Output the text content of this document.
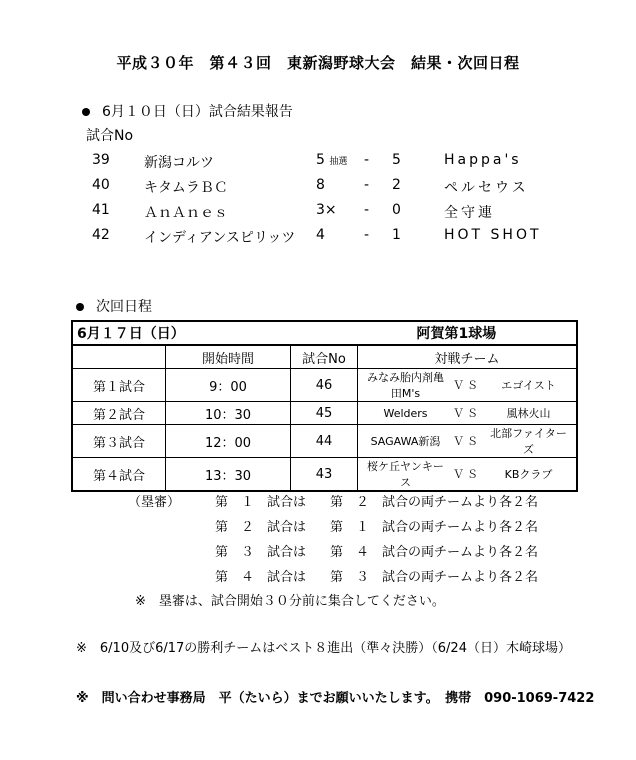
平成３０年　第４３回　東新潟野球大会　結果・次回日程
6月１０日（日）試合結果報告
試合No
39	新潟コルツ	5 抽選 - 5	Happa's
40	キタムラＢＣ	8	- 2	ペルセウス
41	ＡｎＡｎｅｓ	3× - 0	全守連
42	インディアンスピリッツ 4	- 1	HOT SHOT
次回日程
6月１７日（日）		阿賀第1球場	
	開始時間	試合No	対戦チーム
第１試合	9：00	46	みなみ胎内剤亀田M's
ＶＳ エゴイスト

第２試合	10：30	45	Welders ＶＳ 風林火山

第３試合	12：00	44	SAGAWA新潟 ＶＳ
北部ファイターズ

第４試合	13：30	43	桜ケ丘ヤンキース
ＶＳ KBクラブ
（塁審）	第　１　試合は 第　２　試合の両チームより各２名
第　２　試合は 第　１　試合の両チームより各２名
第　３　試合は 第　４　試合の両チームより各２名
第　４　試合は 第　３　試合の両チームより各２名
※　塁審は、試合開始３０分前に集合してください。
※　6/10及び6/17の勝利チームはベスト８進出（準々決勝）（6/24（日）木崎球場）
※　問い合わせ事務局　平（たいら）までお願いいたします。　携帯　090-1069-7422
